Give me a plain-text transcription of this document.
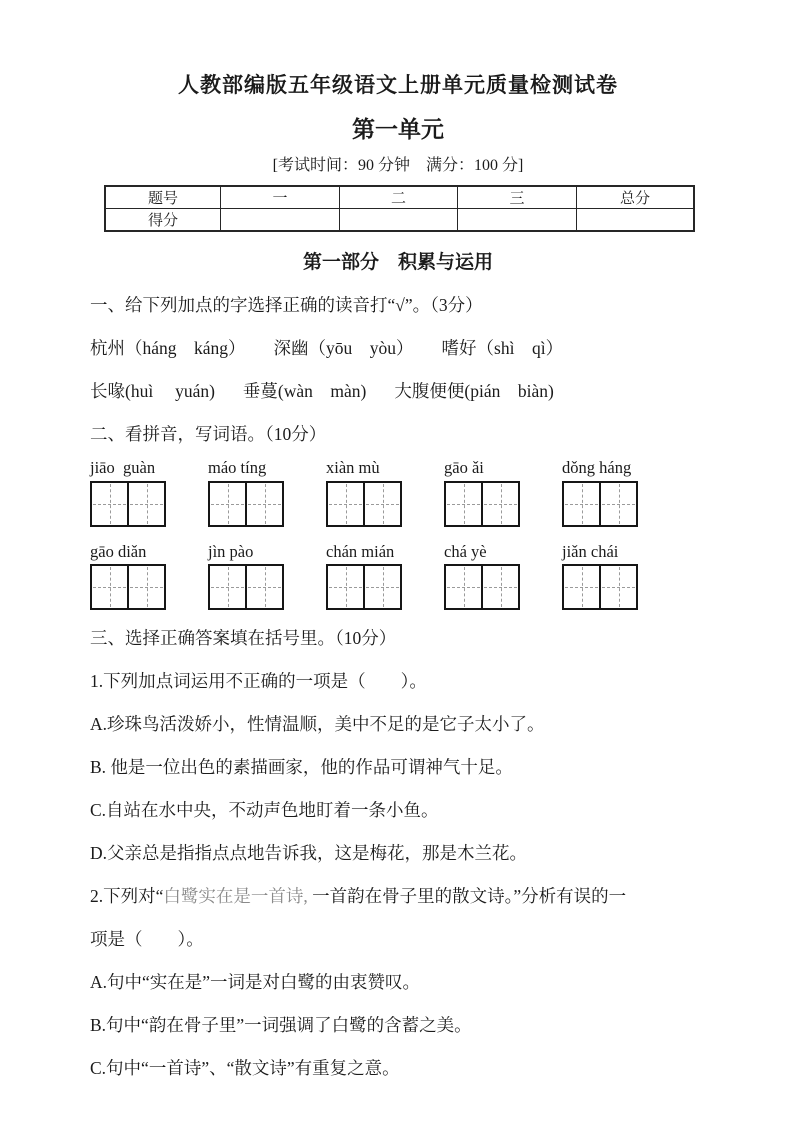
人教部编版五年级语文上册单元质量检测试卷
第一单元
[考试时间：90 分钟　满分：100 分]
题号	一	二	三	总分
得分				
第一部分　积累与运用
一、给下列加点的字选择正确的读音打“√”。（3分）
杭州（háng　káng） 深幽（yōu　yòu） 嗜好（shì　qì）
长喙(huì　 yuán) 垂蔓(wàn　màn) 大腹便便(pián　biàn)
二、看拼音，写词语。（10分）
jiāo  guàn	máo tíng	xiàn mù	gāo ǎi	dǒng háng
gāo diǎn	jìn pào	chán mián	chá yè	jiǎn chái
三、选择正确答案填在括号里。（10分）
1.下列加点词运用不正确的一项是（　　）。
A.珍珠鸟活泼娇小，性情温顺，美中不足的是它子太小了。
B. 他是一位出色的素描画家，他的作品可谓神气十足。
C.自站在水中央，不动声色地盯着一条小鱼。
D.父亲总是指指点点地告诉我，这是梅花，那是木兰花。
2.下列对“白鹭实在是一首诗, 一首韵在骨子里的散文诗。”分析有误的一
项是（　　）。
A.句中“实在是”一词是对白鹭的由衷赞叹。
B.句中“韵在骨子里”一词强调了白鹭的含蓄之美。
C.句中“一首诗”、“散文诗”有重复之意。
